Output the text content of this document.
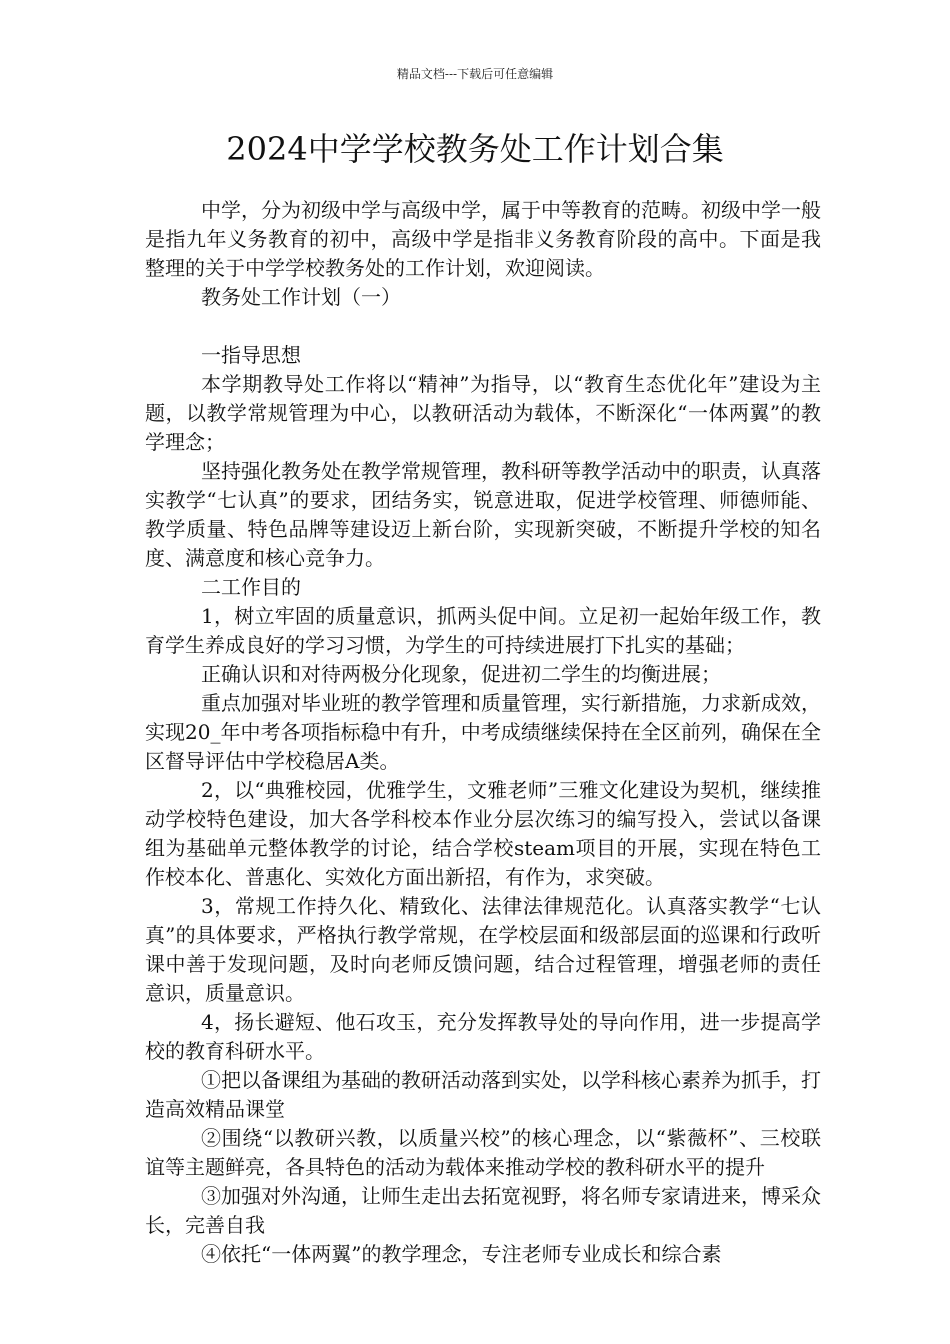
精品文档---下载后可任意编辑
2024中学学校教务处工作计划合集

中学，分为初级中学与高级中学，属于中等教育的范畴。初级中学一般是指九年义务教育的初中，高级中学是指非义务教育阶段的高中。下面是我整理的关于中学学校教务处的工作计划，欢迎阅读。

教务处工作计划（一）

一指导思想

本学期教导处工作将以“精神”为指导，以“教育生态优化年”建设为主题，以教学常规管理为中心，以教研活动为载体，不断深化“一体两翼”的教学理念；

坚持强化教务处在教学常规管理，教科研等教学活动中的职责，认真落实教学“七认真”的要求，团结务实，锐意进取，促进学校管理、师德师能、教学质量、特色品牌等建设迈上新台阶，实现新突破，不断提升学校的知名度、满意度和核心竞争力。

二工作目的

1，树立牢固的质量意识，抓两头促中间。立足初一起始年级工作，教育学生养成良好的学习习惯，为学生的可持续进展打下扎实的基础；

正确认识和对待两极分化现象，促进初二学生的均衡进展；

重点加强对毕业班的教学管理和质量管理，实行新措施，力求新成效，实现20_年中考各项指标稳中有升，中考成绩继续保持在全区前列，确保在全区督导评估中学校稳居A类。

2，以“典雅校园，优雅学生，文雅老师”三雅文化建设为契机，继续推动学校特色建设，加大各学科校本作业分层次练习的编写投入，尝试以备课组为基础单元整体教学的讨论，结合学校steam项目的开展，实现在特色工作校本化、普惠化、实效化方面出新招，有作为，求突破。

3，常规工作持久化、精致化、法律法律规范化。认真落实教学“七认真”的具体要求，严格执行教学常规，在学校层面和级部层面的巡课和行政听课中善于发现问题，及时向老师反馈问题，结合过程管理，增强老师的责任意识，质量意识。

4，扬长避短、他石攻玉，充分发挥教导处的导向作用，进一步提高学校的教育科研水平。

①把以备课组为基础的教研活动落到实处，以学科核心素养为抓手，打造高效精品课堂

②围绕“以教研兴教，以质量兴校”的核心理念，以“紫薇杯”、三校联谊等主题鲜亮，各具特色的活动为载体来推动学校的教科研水平的提升

③加强对外沟通，让师生走出去拓宽视野，将名师专家请进来，博采众长，完善自我

④依托“一体两翼”的教学理念，专注老师专业成长和综合素
